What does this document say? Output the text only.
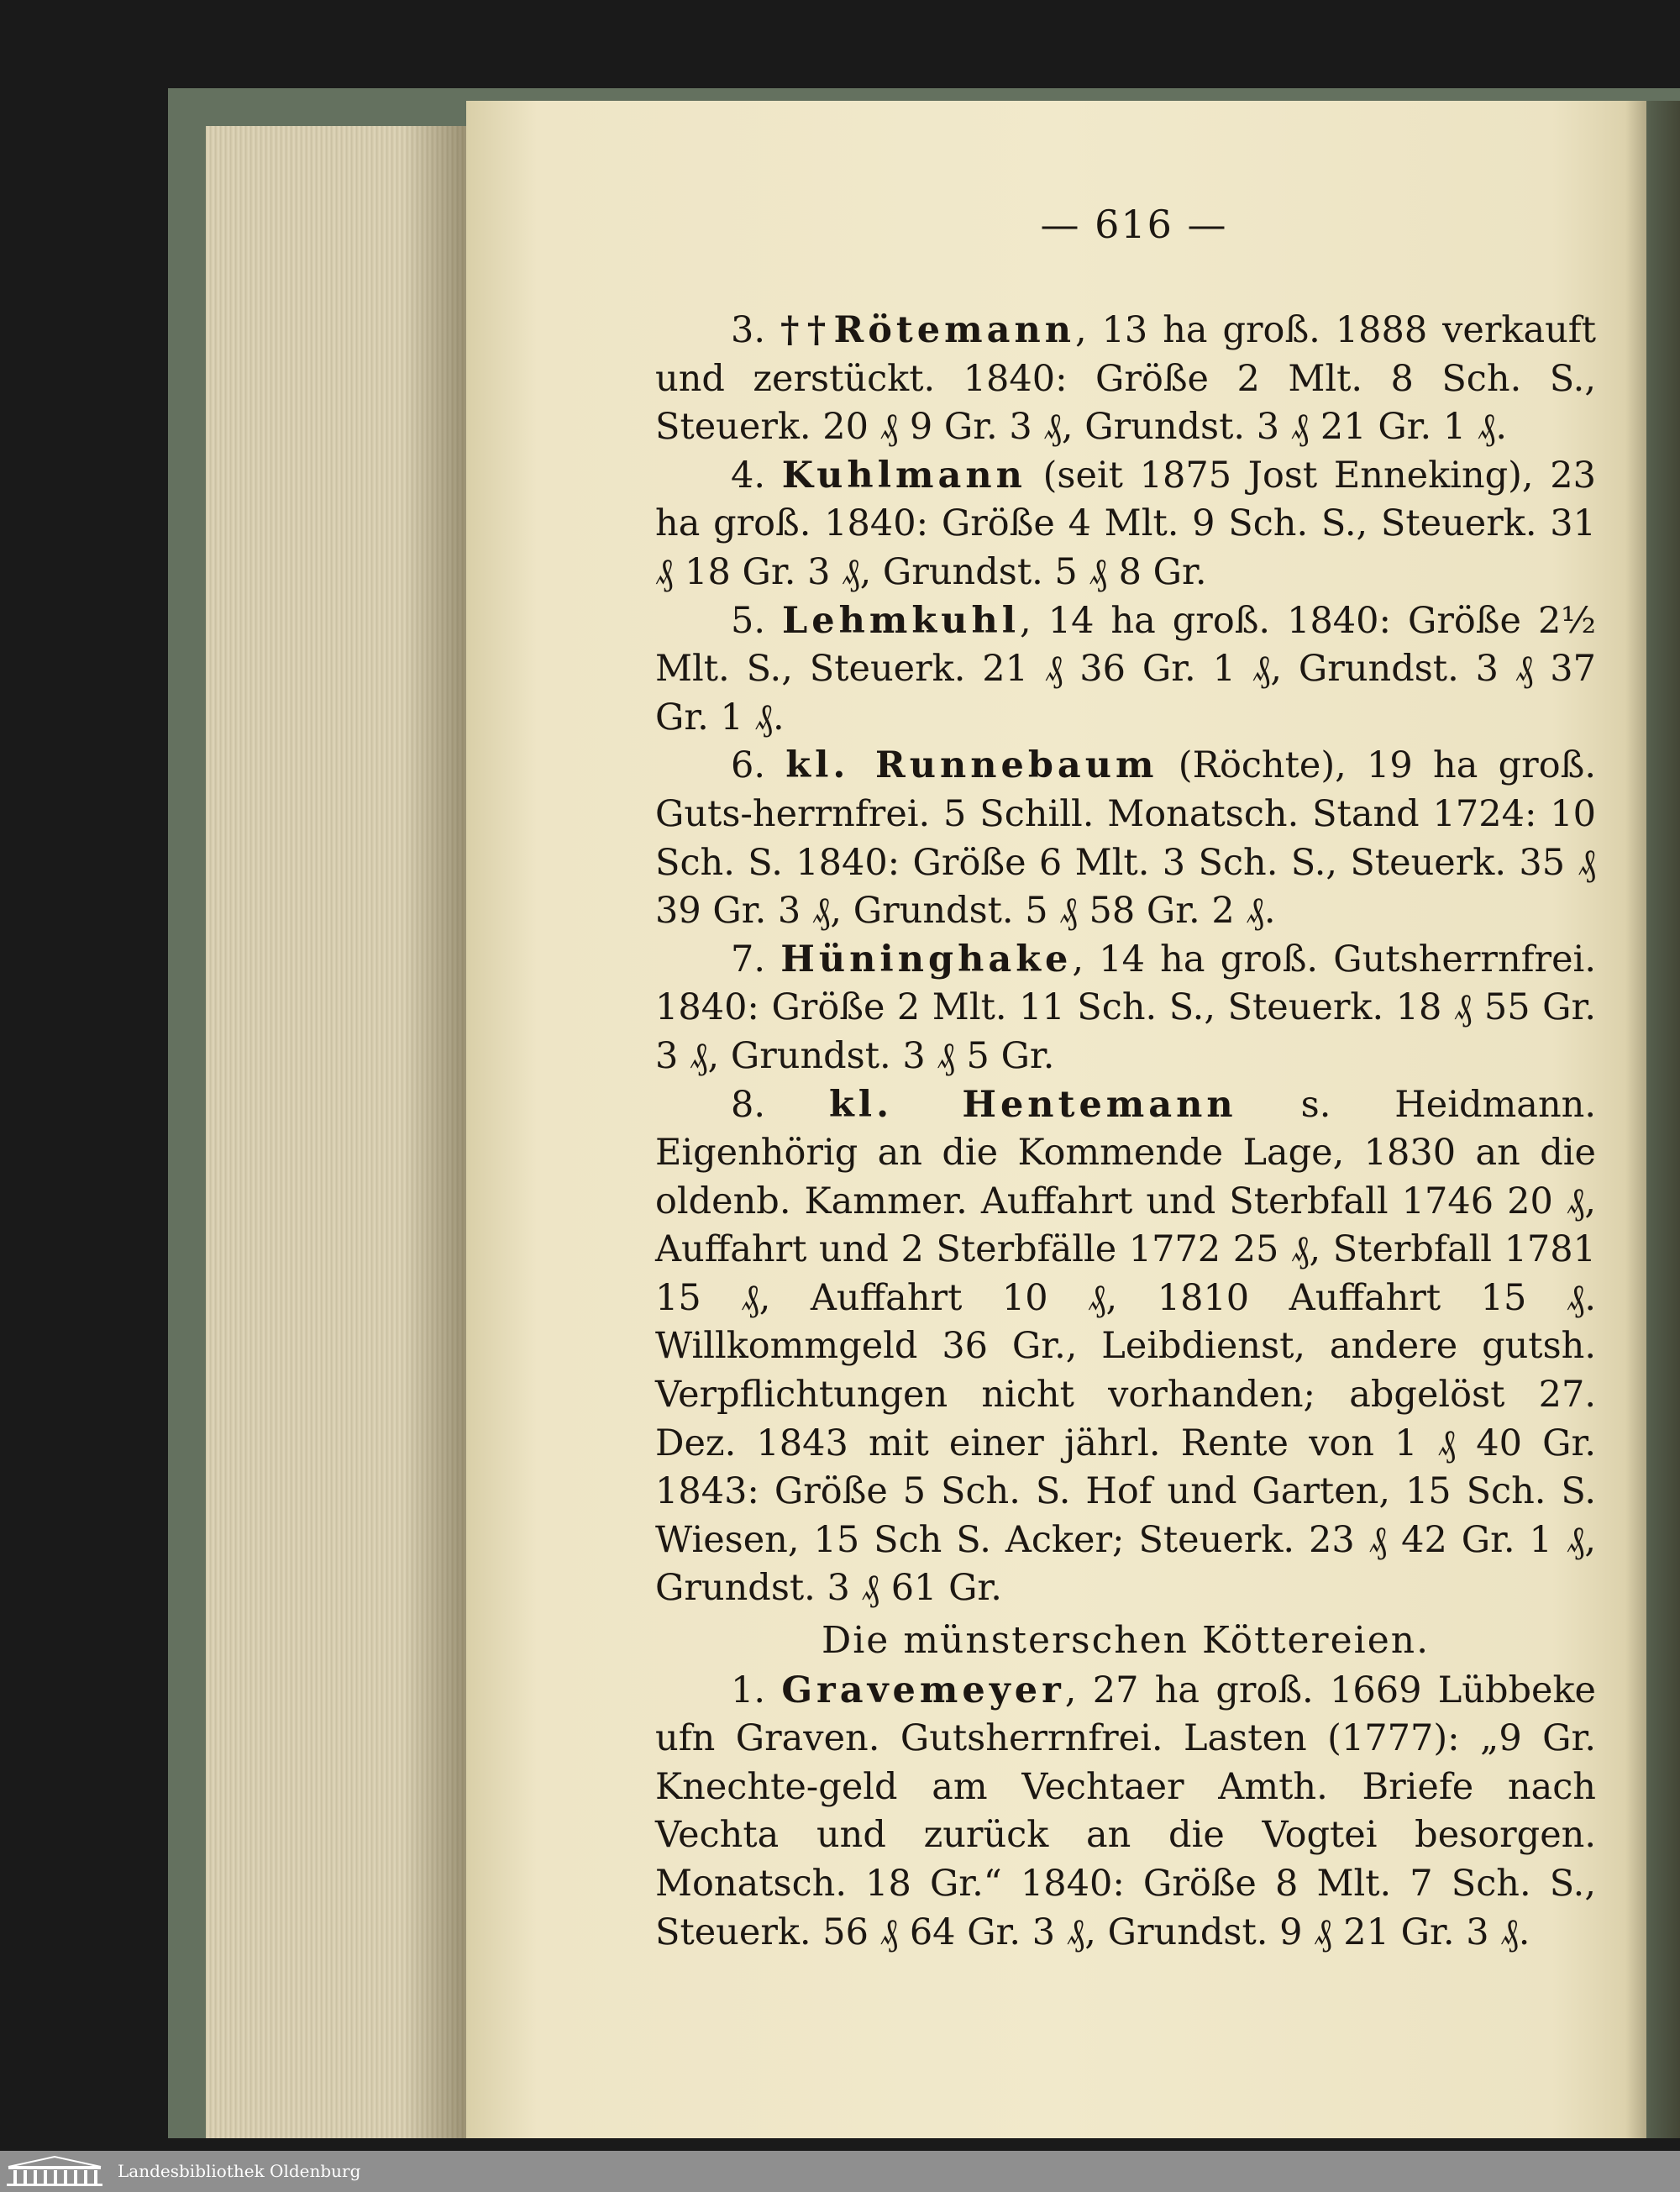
— 616 —

3. ††Rötemann, 13 ha groß. 1888 verkauft und zerstückt. 1840: Größe 2 Mlt. 8 Sch. S., Steuerk. 20 ₰ 9 Gr. 3 ₰, Grundst. 3 ₰ 21 Gr. 1 ₰.

4. Kuhlmann (seit 1875 Jost Enneking), 23 ha groß. 1840: Größe 4 Mlt. 9 Sch. S., Steuerk. 31 ₰ 18 Gr. 3 ₰, Grundst. 5 ₰ 8 Gr.

5. Lehmkuhl, 14 ha groß. 1840: Größe 2½ Mlt. S., Steuerk. 21 ₰ 36 Gr. 1 ₰, Grundst. 3 ₰ 37 Gr. 1 ₰.

6. kl. Runnebaum (Röchte), 19 ha groß. Guts-herrnfrei. 5 Schill. Monatsch. Stand 1724: 10 Sch. S. 1840: Größe 6 Mlt. 3 Sch. S., Steuerk. 35 ₰ 39 Gr. 3 ₰, Grundst. 5 ₰ 58 Gr. 2 ₰.

7. Hüninghake, 14 ha groß. Gutsherrnfrei. 1840: Größe 2 Mlt. 11 Sch. S., Steuerk. 18 ₰ 55 Gr. 3 ₰, Grundst. 3 ₰ 5 Gr.

8. kl. Hentemann s. Heidmann. Eigenhörig an die Kommende Lage, 1830 an die oldenb. Kammer. Auffahrt und Sterbfall 1746 20 ₰, Auffahrt und 2 Sterbfälle 1772 25 ₰, Sterbfall 1781 15 ₰, Auffahrt 10 ₰, 1810 Auffahrt 15 ₰. Willkommgeld 36 Gr., Leibdienst, andere gutsh. Verpflichtungen nicht vorhanden; abgelöst 27. Dez. 1843 mit einer jährl. Rente von 1 ₰ 40 Gr. 1843: Größe 5 Sch. S. Hof und Garten, 15 Sch. S. Wiesen, 15 Sch S. Acker; Steuerk. 23 ₰ 42 Gr. 1 ₰, Grundst. 3 ₰ 61 Gr.

Die münsterschen Köttereien.

1. Gravemeyer, 27 ha groß. 1669 Lübbeke ufn Graven. Gutsherrnfrei. Lasten (1777): „9 Gr. Knechte-geld am Vechtaer Amth. Briefe nach Vechta und zurück an die Vogtei besorgen. Monatsch. 18 Gr.“ 1840: Größe 8 Mlt. 7 Sch. S., Steuerk. 56 ₰ 64 Gr. 3 ₰, Grundst. 9 ₰ 21 Gr. 3 ₰.

Landesbibliothek Oldenburg
